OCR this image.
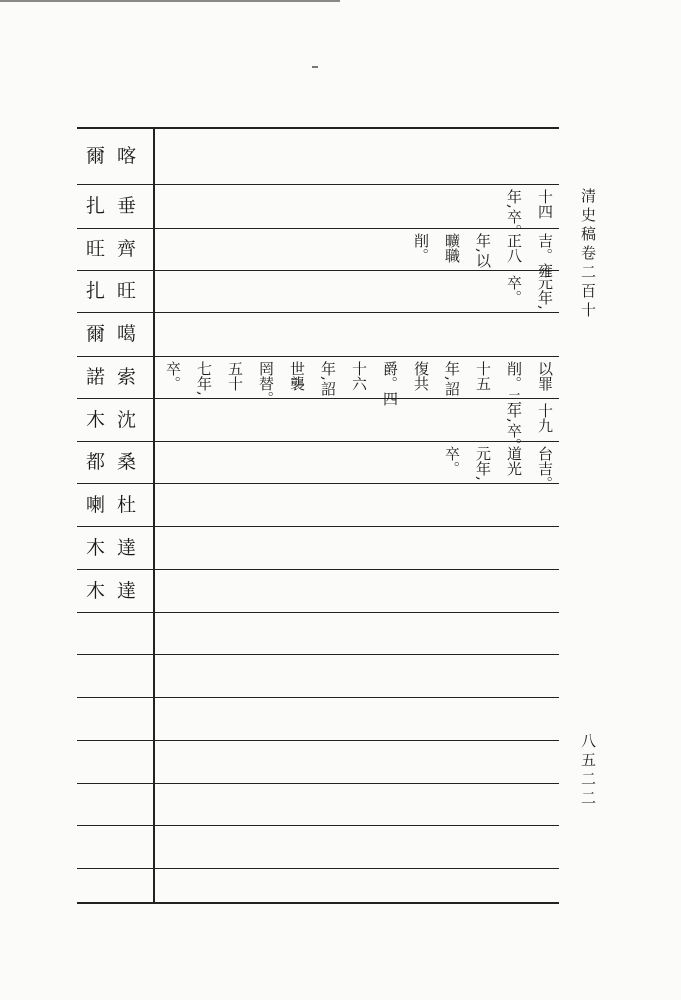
爾 喀
扎 垂	十四
年,卒。
旺 齊	吉。雍
正八
年,以
曠職
削。
扎 旺	元年,
卒。
爾 噶
諾 索	以罪
削。二
十五
年,詔
復共
爵。四
十六
年,詔
世襲
罔替。
五十
七年,
卒。
木 沈	十九
年,卒。
都 桑	台吉。
道光
元年,
卒。
喇 杜
木 達
木 達
清史稿卷二百十
八五二二
